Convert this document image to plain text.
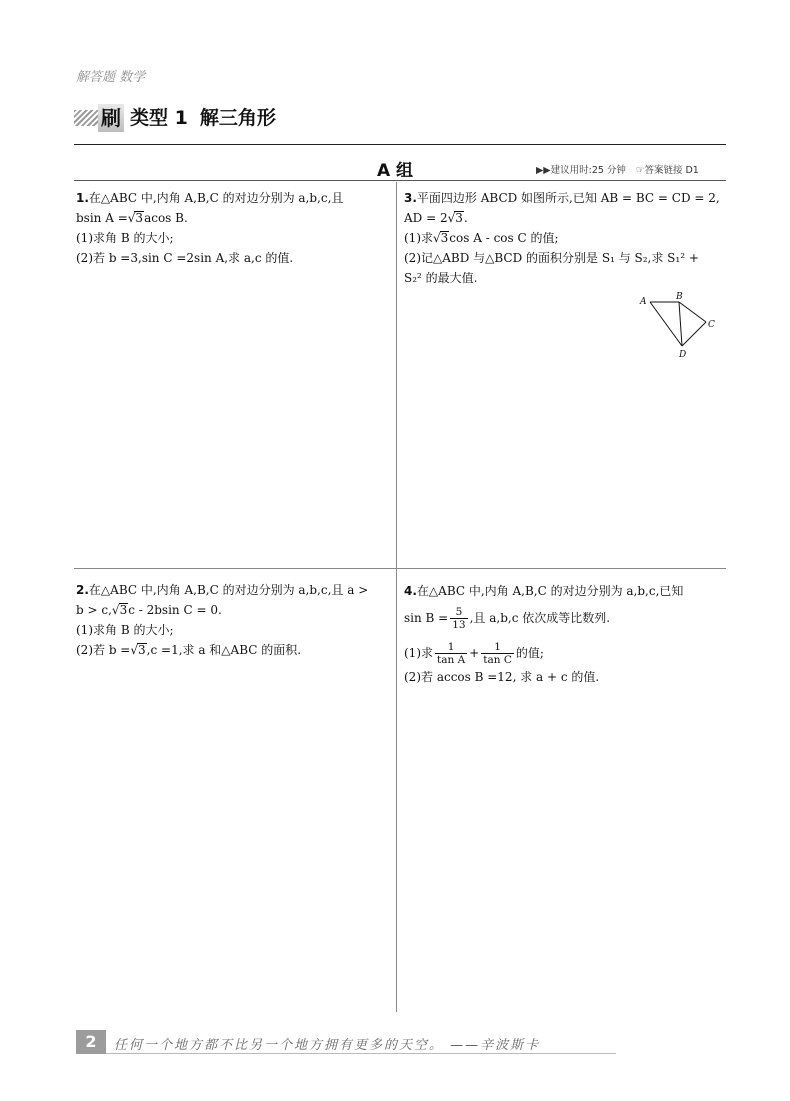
解答题 数学
刷 类型 1 解三角形
A 组	▶▶建议用时:25 分钟 ☞答案链接 D1
1.在△ABC 中,内角 A,B,C 的对边分别为 a,b,c,且
bsin A =√3acos B.
(1)求角 B 的大小;
(2)若 b =3,sin C =2sin A,求 a,c 的值.
2.在△ABC 中,内角 A,B,C 的对边分别为 a,b,c,且 a >
b > c,√3c - 2bsin C = 0.
(1)求角 B 的大小;
(2)若 b =√3,c =1,求 a 和△ABC 的面积.
3.平面四边形 ABCD 如图所示,已知 AB = BC = CD = 2,
AD = 2√3.
(1)求√3cos A - cos C 的值;
(2)记△ABD 与△BCD 的面积分别是 S₁ 与 S₂,求 S₁² +
S₂² 的最大值.
A	B
C
D
4.在△ABC 中,内角 A,B,C 的对边分别为 a,b,c,已知
$\sin B = \frac{5}{13}$ ,且 a,b,c 依次成等比数列.
(1)求 $\frac{1}{\text{tan A}} + \frac{1}{\text{tan C}}$ 的值;
(2)若 accos B =12, 求 a + c 的值.
2	任何一个地方都不比另一个地方拥有更多的天空。 ——辛波斯卡
